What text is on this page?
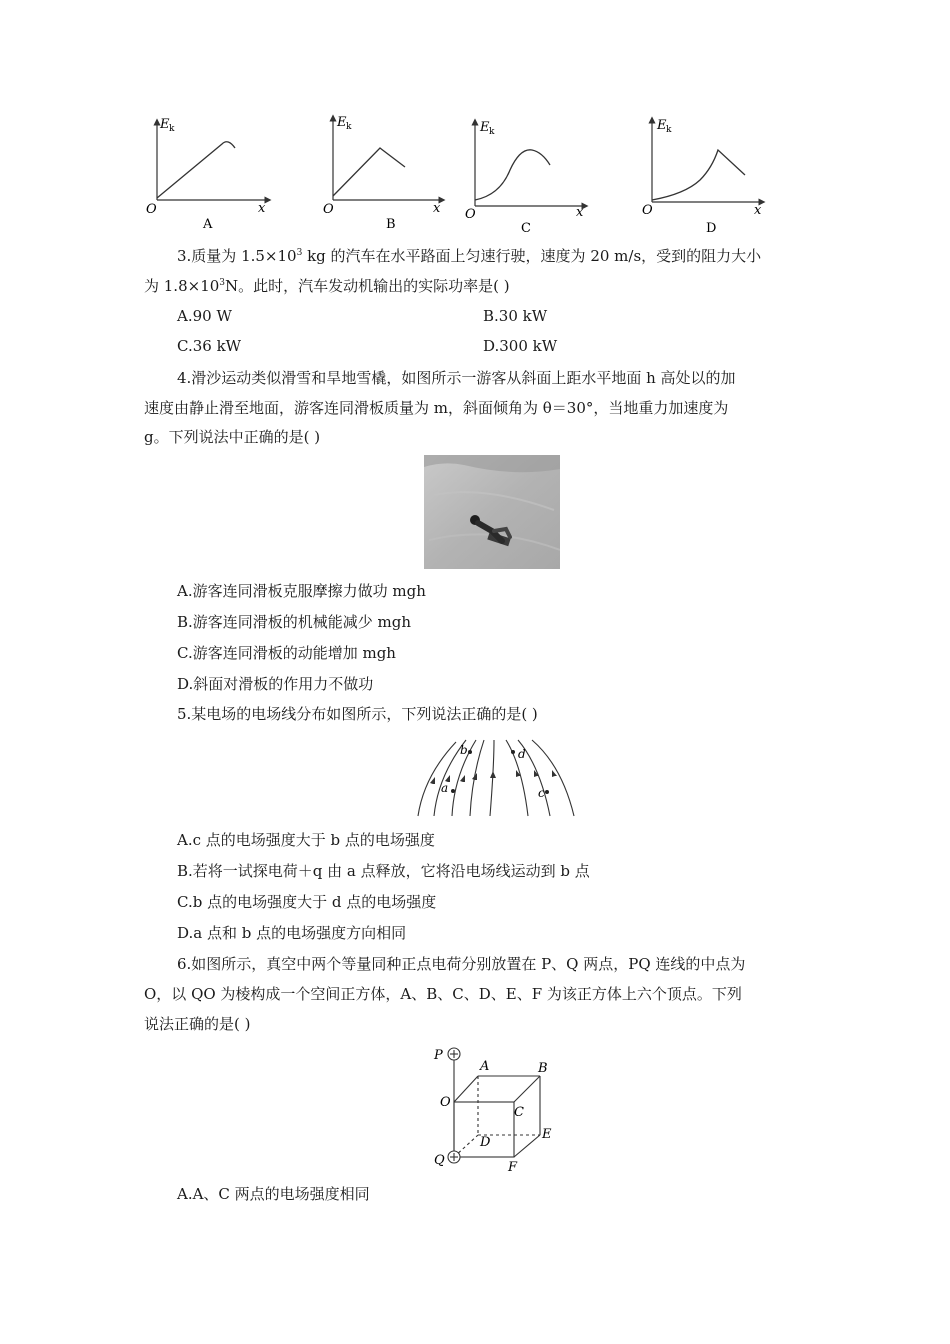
E k
O	x
A
E k
O	x
B
E k
O	x
C
E k
O	x
D
3.质量为 $1.5\times 10^3$ kg 的汽车在水平路面上匀速行驶，速度为 20 m/s，受到的阻力大小
为 $1.8\times 10^3N$。此时，汽车发动机输出的实际功率是( )
A.90 W	B.30 kW
C.36 kW	D.300 kW
4.滑沙运动类似滑雪和旱地雪橇，如图所示一游客从斜面上距水平地面 h 高处以的加
速度由静止滑至地面，游客连同滑板质量为 m，斜面倾角为 θ＝30°，当地重力加速度为
g。下列说法中正确的是( )
A.游客连同滑板克服摩擦力做功 mgh
B.游客连同滑板的机械能减少 mgh
C.游客连同滑板的动能增加 mgh
D.斜面对滑板的作用力不做功
5.某电场的电场线分布如图所示，下列说法正确的是( )
b
a
d
c
A.c 点的电场强度大于 b 点的电场强度
B.若将一试探电荷＋q 由 a 点释放，它将沿电场线运动到 b 点
C.b 点的电场强度大于 d 点的电场强度
D.a 点和 b 点的电场强度方向相同
6.如图所示，真空中两个等量同种正点电荷分别放置在 P、Q 两点，PQ 连线的中点为
O，以 QO 为棱构成一个空间正方体，A、B、C、D、E、F 为该正方体上六个顶点。下列
说法正确的是( )
P
A	B
O
C
D
E
Q	F
A.A、C 两点的电场强度相同
